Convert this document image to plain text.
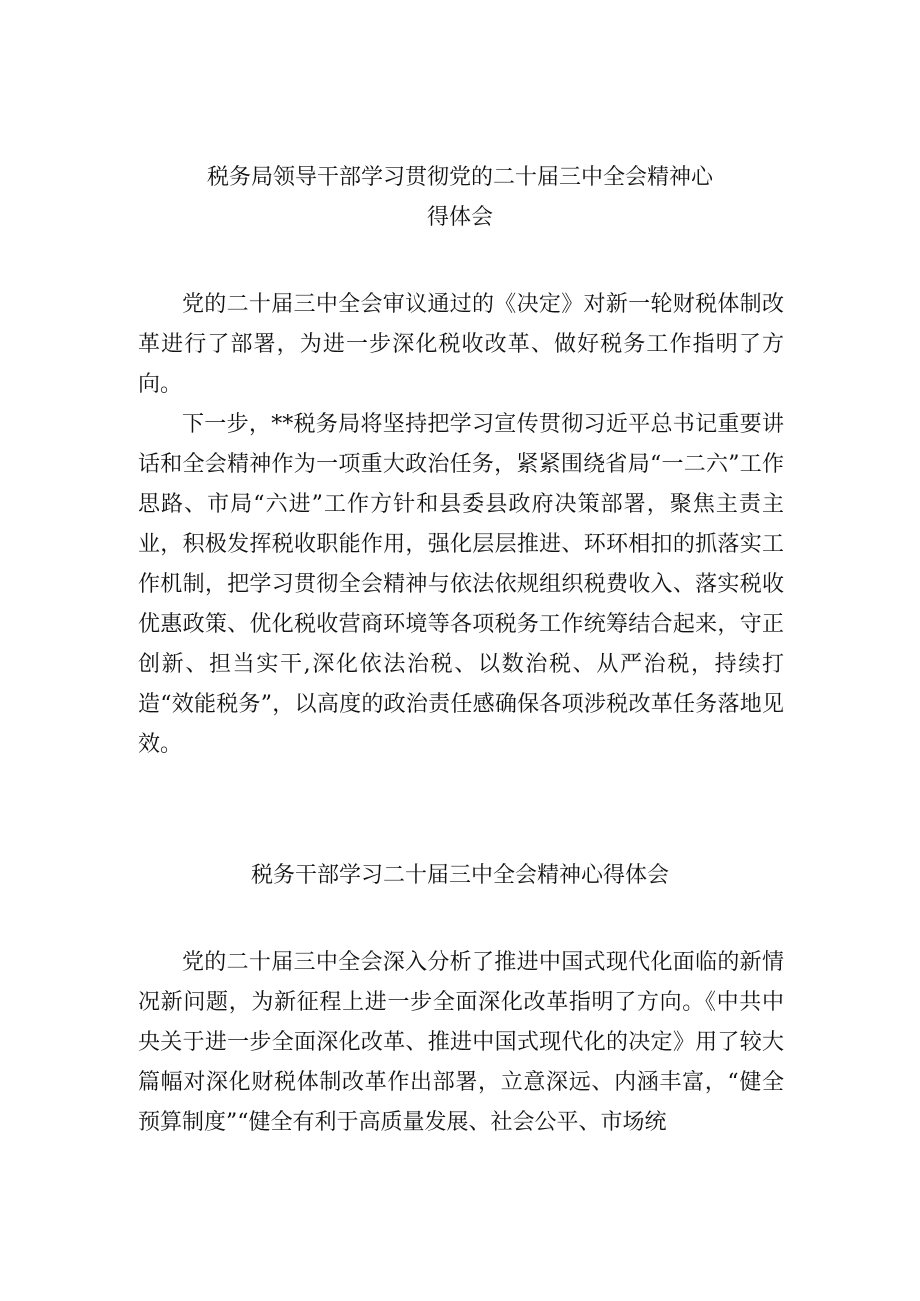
税务局领导干部学习贯彻党的二十届三中全会精神心
得体会

党的二十届三中全会审议通过的《决定》对新一轮财税体制改革进行了部署，为进一步深化税收改革、做好税务工作指明了方向。

下一步，**税务局将坚持把学习宣传贯彻习近平总书记重要讲话和全会精神作为一项重大政治任务，紧紧围绕省局“一二六”工作思路、市局“六进”工作方针和县委县政府决策部署，聚焦主责主业，积极发挥税收职能作用，强化层层推进、环环相扣的抓落实工作机制，把学习贯彻全会精神与依法依规组织税费收入、落实税收优惠政策、优化税收营商环境等各项税务工作统筹结合起来，守正创新、担当实干,深化依法治税、以数治税、从严治税，持续打造“效能税务”，以高度的政治责任感确保各项涉税改革任务落地见效。

税务干部学习二十届三中全会精神心得体会

党的二十届三中全会深入分析了推进中国式现代化面临的新情况新问题，为新征程上进一步全面深化改革指明了方向。《中共中央关于进一步全面深化改革、推进中国式现代化的决定》用了较大篇幅对深化财税体制改革作出部署，立意深远、内涵丰富，“健全预算制度”“健全有利于高质量发展、社会公平、市场统
